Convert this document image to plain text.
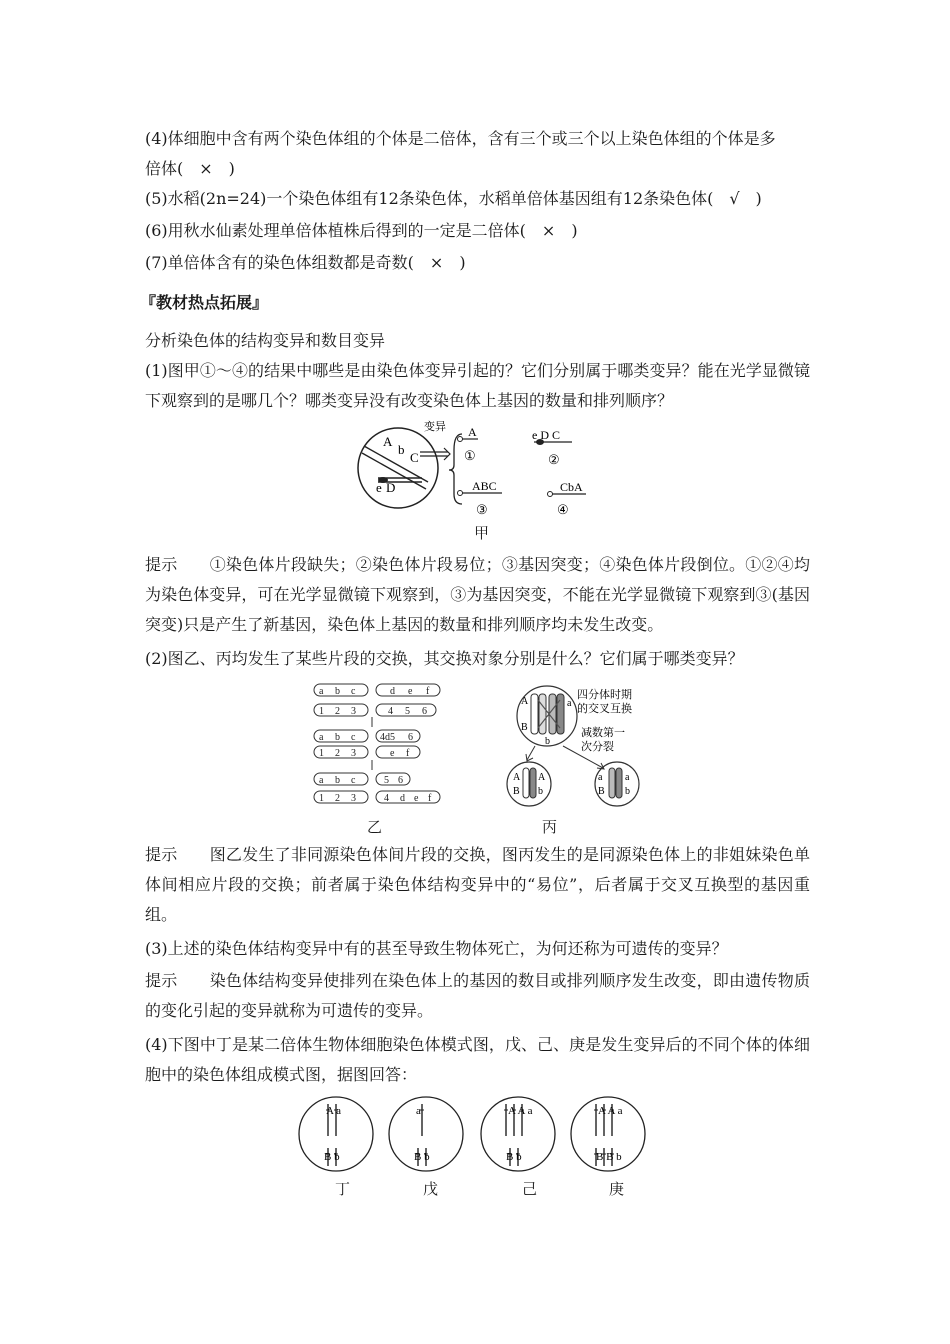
(4)体细胞中含有两个染色体组的个体是二倍体，含有三个或三个以上染色体组的个体是多
倍体(　×　)
(5)水稻(2n=24)一个染色体组有12条染色体，水稻单倍体基因组有12条染色体(　√　)
(6)用秋水仙素处理单倍体植株后得到的一定是二倍体(　×　)
(7)单倍体含有的染色体组数都是奇数(　×　)
『教材热点拓展』
分析染色体的结构变异和数目变异
(1)图甲①～④的结果中哪些是由染色体变异引起的？它们分别属于哪类变异？能在光学显微镜下观察到的是哪几个？哪类变异没有改变染色体上基因的数量和排列顺序？
A
b
C
e D
变异 A
①
ABC
③
e D C
②
CbA
④
甲
提示 ①染色体片段缺失；②染色体片段易位；③基因突变；④染色体片段倒位。①②④均为染色体变异，可在光学显微镜下观察到，③为基因突变，不能在光学显微镜下观察到③(基因突变)只是产生了新基因，染色体上基因的数量和排列顺序均未发生改变。
(2)图乙、丙均发生了某些片段的交换，其交换对象分别是什么？它们属于哪类变异？
a b c	d e f
1 2 3	4 5 6
a b c 4d5 6
1 2 3	e f
a b c	5 6
1 2 3	4 d e f
乙
A	a
B
b
四分体时期
的交叉互换
减数第一
次分裂
A A
B b
a a
B b
丙
提示 图乙发生了非同源染色体间片段的交换，图丙发生的是同源染色体上的非姐妹染色单体间相应片段的交换；前者属于染色体结构变异中的“易位”，后者属于交叉互换型的基因重组。
(3)上述的染色体结构变异中有的甚至导致生物体死亡，为何还称为可遗传的变异？
提示 染色体结构变异使排列在染色体上的基因的数目或排列顺序发生改变，即由遗传物质的变化引起的变异就称为可遗传的变异。
(4)下图中丁是某二倍体生物体细胞染色体模式图，戊、己、庚是发生变异后的不同个体的体细胞中的染色体组成模式图，据图回答：
A a
B b
a
B b
A A a
B b
A A a
B B b
丁	戊	己	庚
